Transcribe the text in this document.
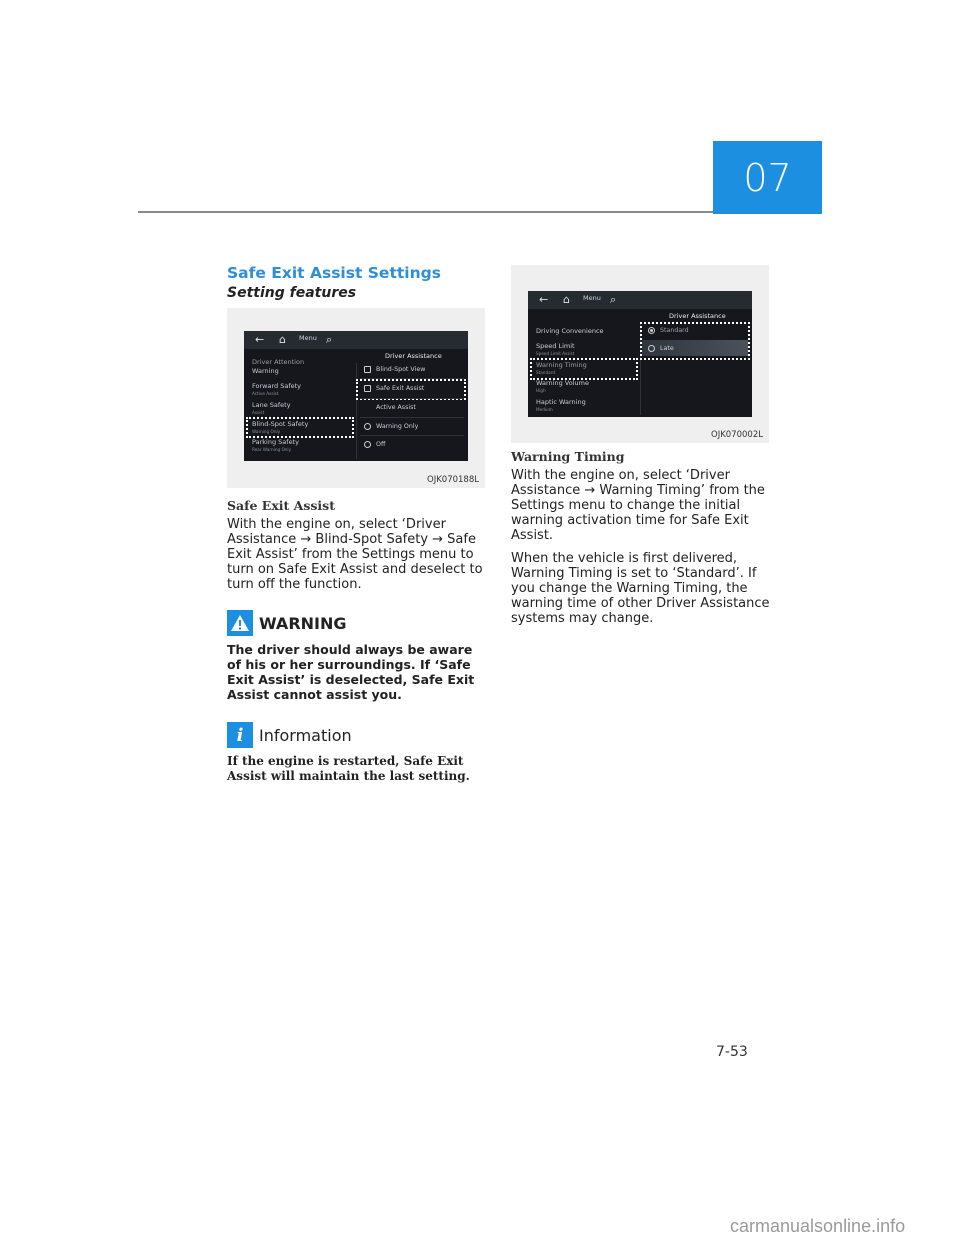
07
Safe Exit Assist Settings

Setting features

← ⌂ Menu ⌕
Driver Assistance
Driver Attention
Warning
Forward Safety
Active Assist
Lane Safety
Assist
Blind-Spot Safety
Warning Only
Parking Safety
Rear Warning Only
Blind-Spot View
Safe Exit Assist
Active Assist
Warning Only
Off
OJK070188L

Safe Exit Assist

With the engine on, select ‘Driver Assistance → Blind-Spot Safety → Safe Exit Assist’ from the Settings menu to turn on Safe Exit Assist and deselect to turn off the function.

WARNING

The driver should always be aware of his or her surroundings. If ‘Safe Exit Assist’ is deselected, Safe Exit Assist cannot assist you.

i Information

If the engine is restarted, Safe Exit Assist will maintain the last setting.

← ⌂ Menu ⌕
Driver Assistance
Driving Convenience
Speed Limit
Speed Limit Assist
Warning Timing
Standard
Warning Volume
High
Haptic Warning
Medium
Standard
Late
OJK070002L

Warning Timing

With the engine on, select ‘Driver Assistance → Warning Timing’ from the Settings menu to change the initial warning activation time for Safe Exit Assist.

When the vehicle is first delivered, Warning Timing is set to ‘Standard’. If you change the Warning Timing, the warning time of other Driver Assistance systems may change.

7-53
carmanualsonline.info
